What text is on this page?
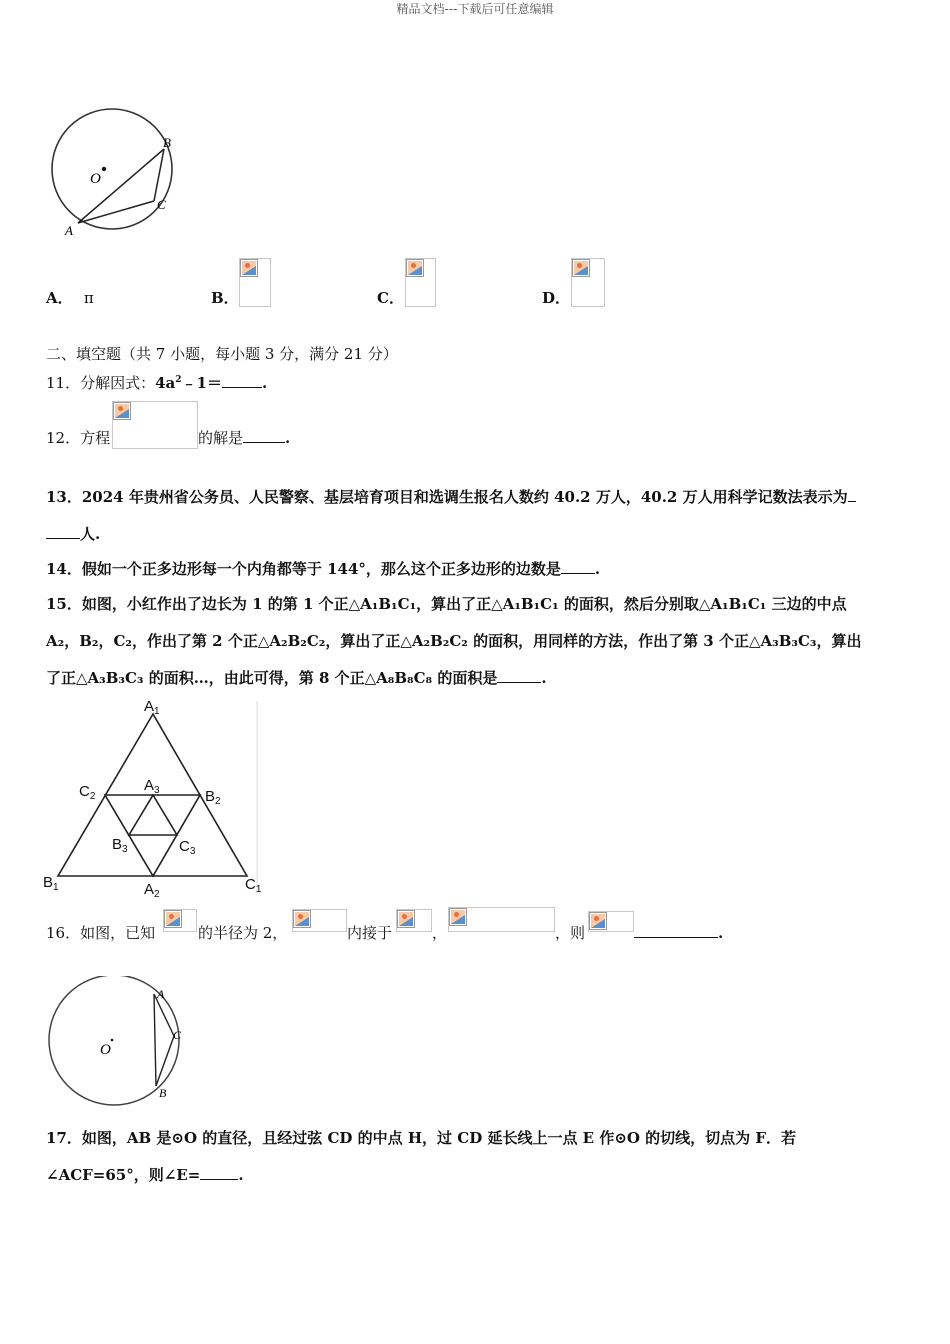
精品文档---下载后可任意编辑
O
B
C
A
A． π	B．	C．	D．
二、填空题（共 7 小题，每小题 3 分，满分 21 分）
11．分解因式：$4a^2﹣1=$	.
12．方程	的解是	.
13．2024 年贵州省公务员、人民警察、基层培育项目和选调生报名人数约 40.2 万人，40.2 万人用科学记数法表示为
人.
14．假如一个正多边形每一个内角都等于 144°，那么这个正多边形的边数是 .
15．如图，小红作出了边长为 1 的第 1 个正△A₁B₁C₁，算出了正△A₁B₁C₁ 的面积，然后分别取△A₁B₁C₁ 三边的中点
A₂，B₂，C₂，作出了第 2 个正△A₂B₂C₂，算出了正△A₂B₂C₂ 的面积，用同样的方法，作出了第 3 个正△A₃B₃C₃，算出
了正△A₃B₃C₃ 的面积…，由此可得，第 8 个正△A₈B₈C₈ 的面积是	.
$A_1$
$A_3$
$C_2$	$B_2$
$B_3$	$C_3$
$B_1$	$A_2$
$C_1$
16．如图，已知	的半径为 2，	内接于	，	，则	.
O
A
C
B
17．如图，AB 是⊙O 的直径，且经过弦 CD 的中点 H，过 CD 延长线上一点 E 作⊙O 的切线，切点为 F．若
∠ACF=65°，则∠E=	.
